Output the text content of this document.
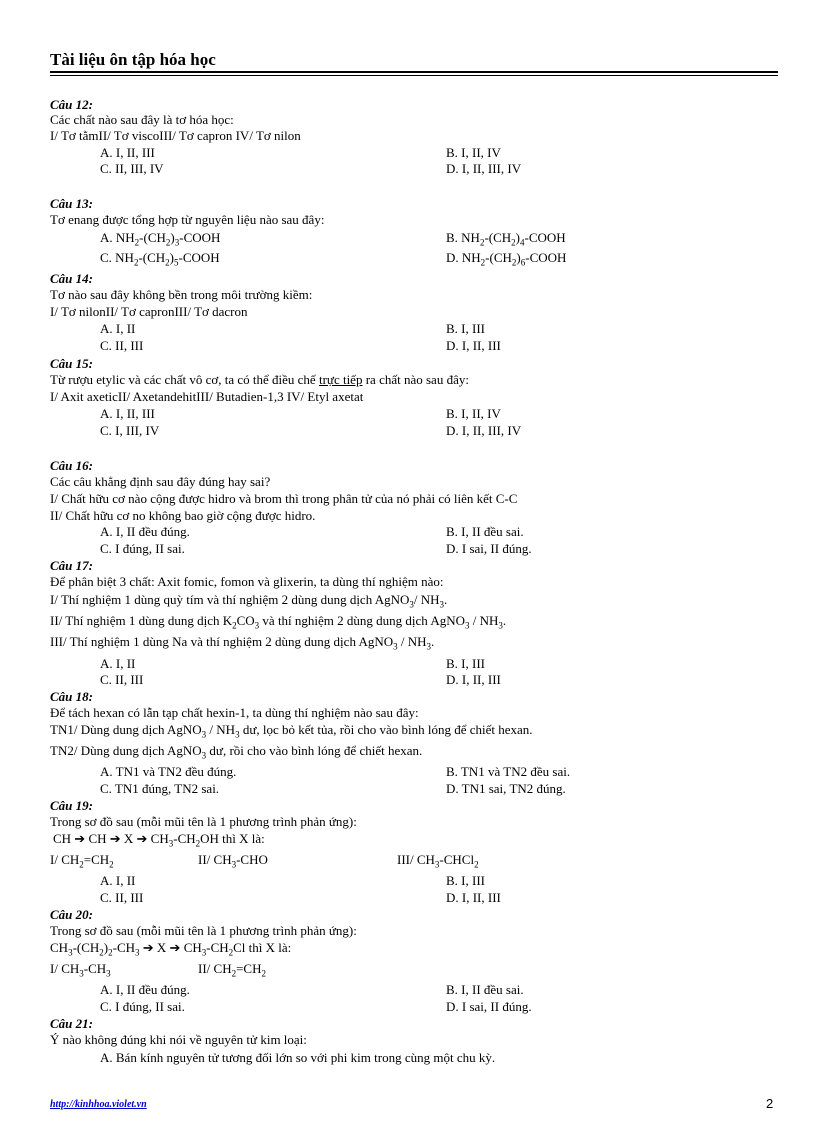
Tài liệu ôn tập hóa học
Câu 12:
Các chất nào sau đây là tơ hóa học:
I/ Tơ tằmII/ Tơ viscoIII/ Tơ capron IV/ Tơ nilon
A. I, II, III	B. I, II, IV
C. II, III, IV	D. I, II, III, IV
Câu 13:
Tơ enang được tổng hợp từ nguyên liệu nào sau đây:
A. $NH_2-(CH_2)_3$-COOH	B. $NH_2-(CH_2)_4$-COOH
C. $NH_2-(CH_2)_5$-COOH	D. $NH_2-(CH_2)_6$-COOH
Câu 14:
Tơ nào sau đây không bền trong môi trường kiềm:
I/ Tơ nilonII/ Tơ capronIII/ Tơ dacron
A. I, II	B. I, III
C. II, III	D. I, II, III
Câu 15:
Từ rượu etylic và các chất vô cơ, ta có thể điều chế trực tiếp ra chất nào sau đây:
I/ Axit axeticII/ AxetandehitIII/ Butadien-1,3 IV/ Etyl axetat
A. I, II, III	B. I, II, IV
C. I, III, IV	D. I, II, III, IV
Câu 16:
Các câu khẳng định sau đây đúng hay sai?
I/ Chất hữu cơ nào cộng được hidro và brom thì trong phân tử của nó phải có liên kết C-C
II/ Chất hữu cơ no không bao giờ cộng được hidro.
A. I, II đều đúng.	B. I, II đều sai.
C. I đúng, II sai.	D. I sai, II đúng.
Câu 17:
Để phân biệt 3 chất: Axit fomic, fomon và glixerin, ta dùng thí nghiệm nào:
I/ Thí nghiệm 1 dùng quỳ tím và thí nghiệm 2 dùng dung dịch AgNO$_3$/ $NH_3$.
II/ Thí nghiệm 1 dùng dung dịch $K_2CO_3$ và thí nghiệm 2 dùng dung dịch AgNO$_3$ / $NH_3$.
III/ Thí nghiệm 1 dùng Na và thí nghiệm 2 dùng dung dịch AgNO$_3$ / $NH_3$.
A. I, II	B. I, III
C. II, III	D. I, II, III
Câu 18:
Để tách hexan có lẫn tạp chất hexin-1, ta dùng thí nghiệm nào sau đây:
TN1/ Dùng dung dịch AgNO$_3$ / $NH_3$ dư, lọc bỏ kết tủa, rồi cho vào bình lóng để chiết hexan.
TN2/ Dùng dung dịch AgNO$_3$ dư, rồi cho vào bình lóng để chiết hexan.
A. TN1 và TN2 đều đúng.	B. TN1 và TN2 đều sai.
C. TN1 đúng, TN2 sai.	D. TN1 sai, TN2 đúng.
Câu 19:
Trong sơ đồ sau (mỗi mũi tên là 1 phương trình phản ứng):
CH ➔ CH ➔ X ➔ $CH_3-CH_2OH$ thì X là:
I/ $CH_2=CH_2$	II/ $CH_3$-CHO	III/ $CH_3-CHCl_2$
A. I, II	B. I, III
C. II, III	D. I, II, III
Câu 20:
Trong sơ đồ sau (mỗi mũi tên là 1 phương trình phản ứng):
$CH_3-(CH_2)_2-CH_3$ ➔ X ➔ $CH_3-CH_2Cl$ thì X là:
I/ $CH_3-CH_3$	II/ $CH_2=CH_2$
A. I, II đều đúng.	B. I, II đều sai.
C. I đúng, II sai.	D. I sai, II đúng.
Câu 21:
Ý nào không đúng khi nói về nguyên tử kim loại:
A. Bán kính nguyên tử tương đối lớn so với phi kim trong cùng một chu kỳ.
http://kinhhoa.violet.vn	2
